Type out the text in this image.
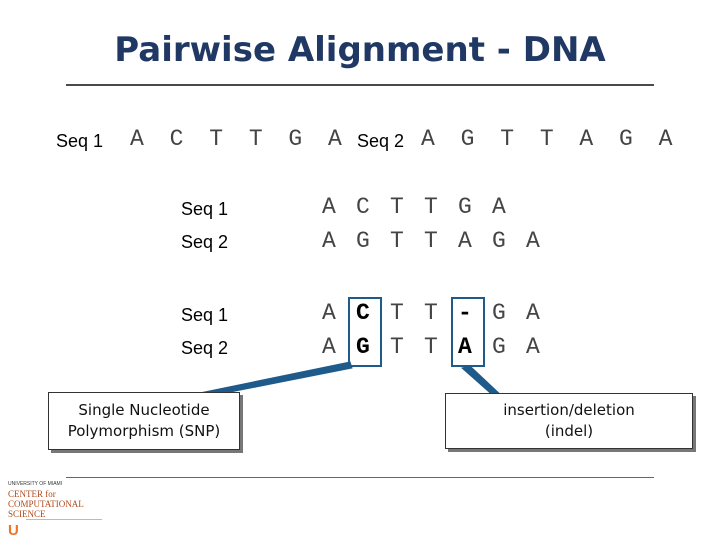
Pairwise Alignment - DNA
Seq 1 A C T T G A Seq 2 A G T T A G A
Seq 1
Seq 2
A C T T G A
A G T T A G A
Seq 1
Seq 2
A C T T - G A
A G T T A G A
Single Nucleotide
Polymorphism (SNP)
insertion/deletion
(indel)
UNIVERSITY OF MIAMI
CENTER for
COMPUTATIONAL
SCIENCE
U
